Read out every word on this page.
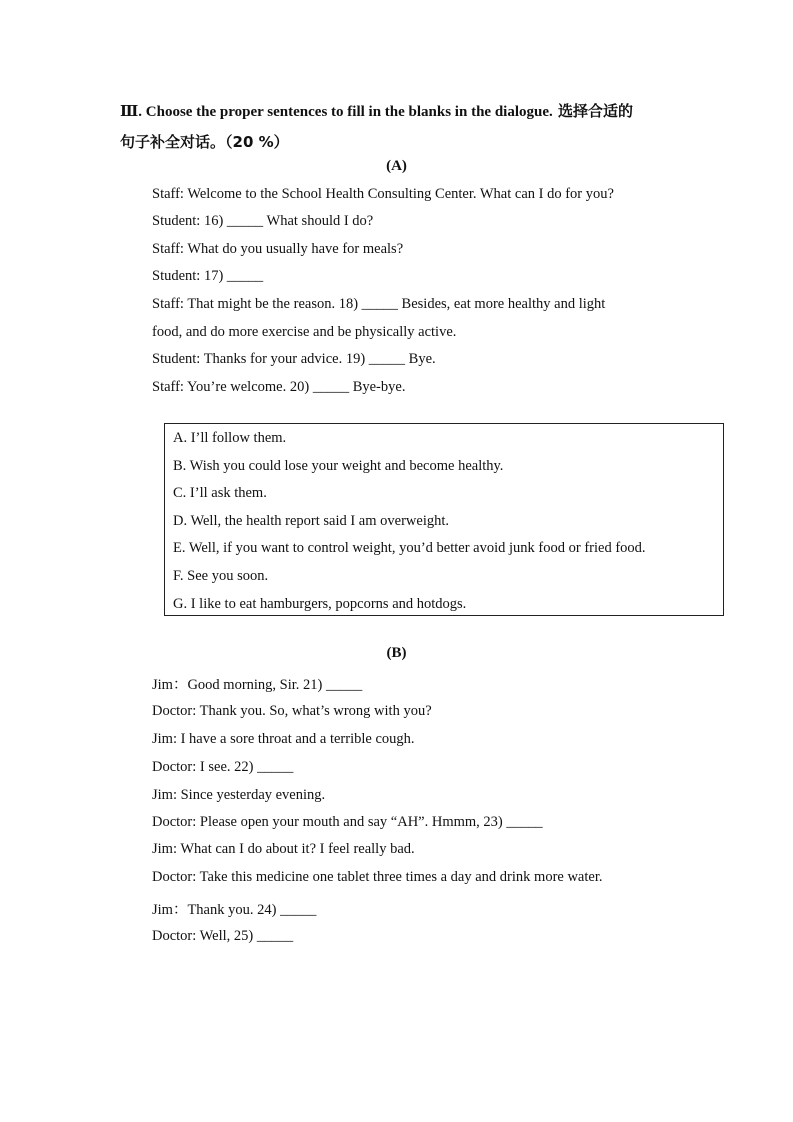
Ⅲ. Choose the proper sentences to fill in the blanks in the dialogue. 选择合适的
句子补全对话。（20 %）
(A)
Staff: Welcome to the School Health Consulting Center. What can I do for you?
Student: 16) _____ What should I do?
Staff: What do you usually have for meals?
Student: 17) _____
Staff: That might be the reason. 18) _____ Besides, eat more healthy and light
food, and do more exercise and be physically active.
Student: Thanks for your advice. 19) _____ Bye.
Staff: You’re welcome. 20) _____ Bye-bye.
A. I’ll follow them.
B. Wish you could lose your weight and become healthy.
C. I’ll ask them.
D. Well, the health report said I am overweight.
E. Well, if you want to control weight, you’d better avoid junk food or fried food.
F. See you soon.
G. I like to eat hamburgers, popcorns and hotdogs.
(B)
Jim：Good morning, Sir. 21) _____
Doctor: Thank you. So, what’s wrong with you?
Jim: I have a sore throat and a terrible cough.
Doctor: I see. 22) _____
Jim: Since yesterday evening.
Doctor: Please open your mouth and say “AH”. Hmmm, 23) _____
Jim: What can I do about it? I feel really bad.
Doctor: Take this medicine one tablet three times a day and drink more water.
Jim：Thank you. 24) _____
Doctor: Well, 25) _____
